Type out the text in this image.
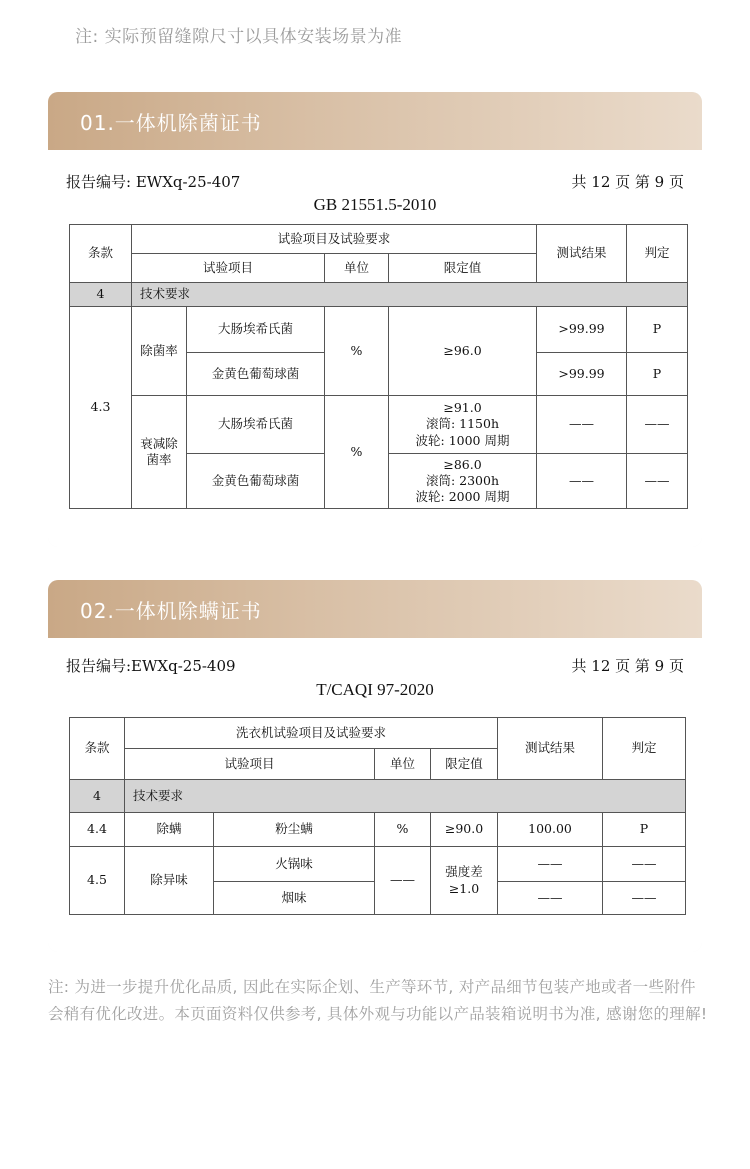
注: 实际预留缝隙尺寸以具体安装场景为准
01.一体机除菌证书
报告编号: EWXq-25-407	共 12 页 第 9 页
GB 21551.5-2010
条款	试验项目及试验要求				测试结果	判定
	试验项目		单位	限定值		
4	技术要求					
4.3	除菌率	大肠埃希氏菌	%	≥96.0	>99.99	P
		金黄色葡萄球菌			>99.99	P
	衰减除菌率	大肠埃希氏菌	%	≥91.0
滚筒: 1150h
波轮: 1000 周期	——	——
		金黄色葡萄球菌		≥86.0
滚筒: 2300h
波轮: 2000 周期	——	——
02.一体机除螨证书
报告编号:EWXq-25-409	共 12 页 第 9 页
T/CAQI 97-2020
条款	洗衣机试验项目及试验要求				测试结果	判定
	试验项目		单位	限定值		
4	技术要求					
4.4	除螨	粉尘螨	%	≥90.0	100.00	P
4.5	除异味	火锅味	——	强度差
≥1.0	——	——
		烟味			——	——
注: 为进一步提升优化品质, 因此在实际企划、生产等环节, 对产品细节包装产地或者一些附件会稍有优化改进。本页面资料仅供参考, 具体外观与功能以产品装箱说明书为准, 感谢您的理解!
